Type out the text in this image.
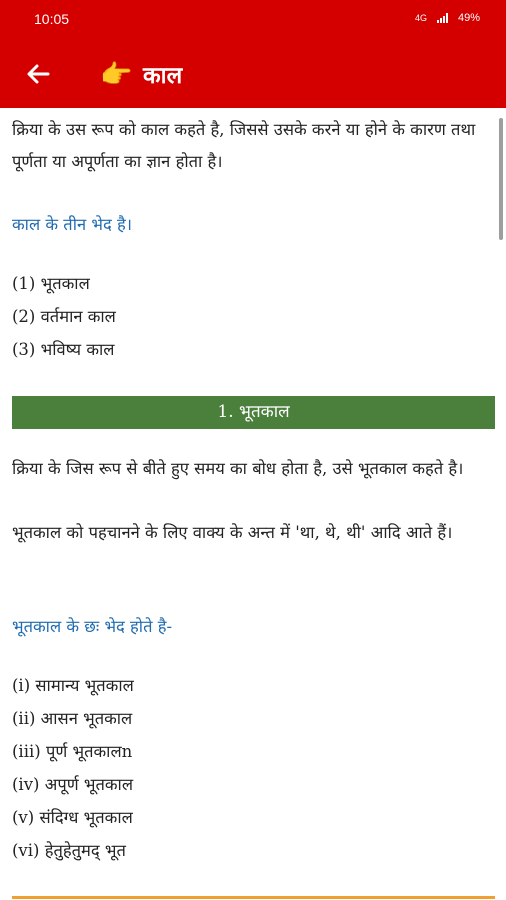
10:05	4G	49%
👉 काल

क्रिया के उस रूप को काल कहते है, जिससे उसके करने या होने के कारण तथा पूर्णता या अपूर्णता का ज्ञान होता है।

काल के तीन भेद है।

(1) भूतकाल
(2) वर्तमान काल
(3) भविष्य काल
1. भूतकाल

क्रिया के जिस रूप से बीते हुए समय का बोध होता है, उसे भूतकाल कहते है।

भूतकाल को पहचानने के लिए वाक्य के अन्त में 'था, थे, थी' आदि आते हैं।

भूतकाल के छः भेद होते है-

(i) सामान्य भूतकाल
(ii) आसन भूतकाल
(iii) पूर्ण भूतकालn
(iv) अपूर्ण भूतकाल
(v) संदिग्ध भूतकाल
(vi) हेतुहेतुमद् भूत
